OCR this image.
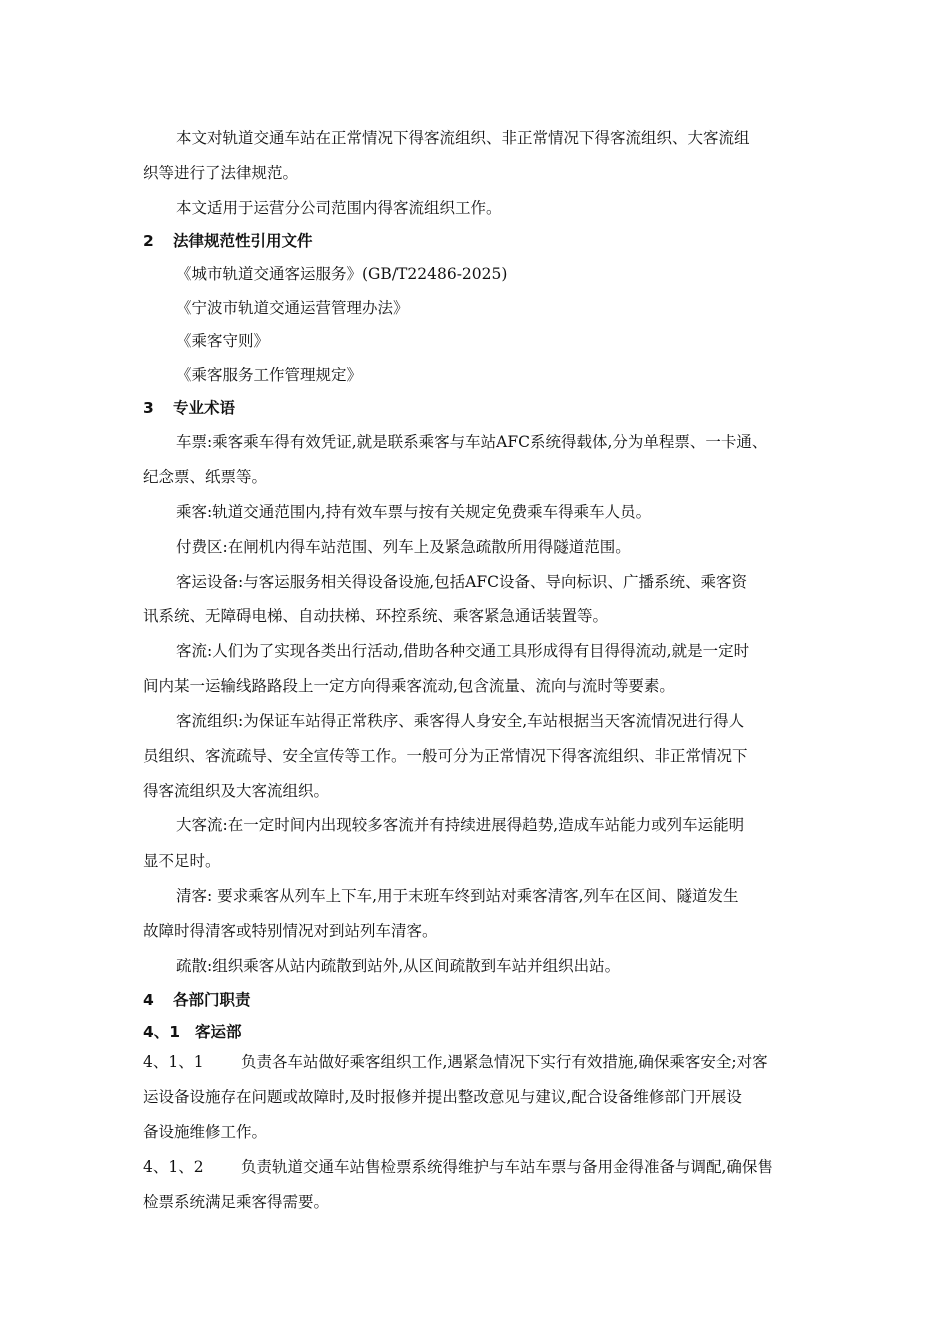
本文对轨道交通车站在正常情况下得客流组织、非正常情况下得客流组织、大客流组
织等进行了法律规范。
本文适用于运营分公司范围内得客流组织工作。
2 法律规范性引用文件
《城市轨道交通客运服务》(GB/T22486-2025)
《宁波市轨道交通运营管理办法》
《乘客守则》
《乘客服务工作管理规定》
3 专业术语
车票:乘客乘车得有效凭证,就是联系乘客与车站AFC系统得载体,分为单程票、一卡通、
纪念票、纸票等。
乘客:轨道交通范围内,持有效车票与按有关规定免费乘车得乘车人员。
付费区:在闸机内得车站范围、列车上及紧急疏散所用得隧道范围。
客运设备:与客运服务相关得设备设施,包括AFC设备、导向标识、广播系统、乘客资
讯系统、无障碍电梯、自动扶梯、环控系统、乘客紧急通话装置等。
客流:人们为了实现各类出行活动,借助各种交通工具形成得有目得得流动,就是一定时
间内某一运输线路路段上一定方向得乘客流动,包含流量、流向与流时等要素。
客流组织:为保证车站得正常秩序、乘客得人身安全,车站根据当天客流情况进行得人
员组织、客流疏导、安全宣传等工作。一般可分为正常情况下得客流组织、非正常情况下
得客流组织及大客流组织。
大客流:在一定时间内出现较多客流并有持续进展得趋势,造成车站能力或列车运能明
显不足时。
清客: 要求乘客从列车上下车,用于末班车终到站对乘客清客,列车在区间、隧道发生
故障时得清客或特别情况对到站列车清客。
疏散:组织乘客从站内疏散到站外,从区间疏散到车站并组织出站。
4 各部门职责
4、1 客运部
4、1、1 负责各车站做好乘客组织工作,遇紧急情况下实行有效措施,确保乘客安全;对客
运设备设施存在问题或故障时,及时报修并提出整改意见与建议,配合设备维修部门开展设
备设施维修工作。
4、1、2 负责轨道交通车站售检票系统得维护与车站车票与备用金得准备与调配,确保售
检票系统满足乘客得需要。
